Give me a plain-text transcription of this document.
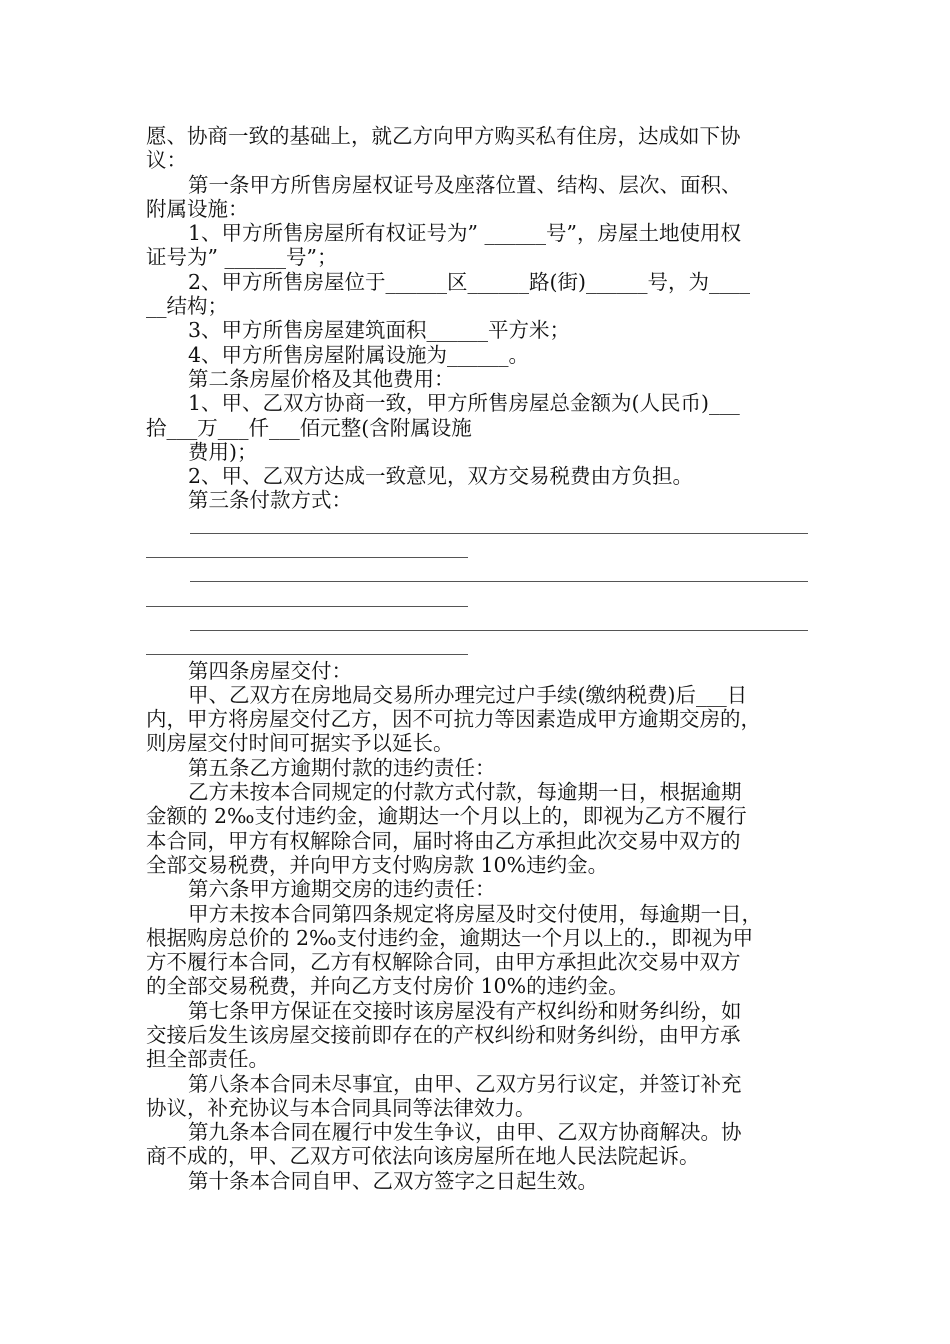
愿、协商一致的基础上，就乙方向甲方购买私有住房，达成如下协
议：
第一条甲方所售房屋权证号及座落位置、结构、层次、面积、
附属设施：
1、甲方所售房屋所有权证号为” ______号”，房屋土地使用权
证号为” ______号”；
2、甲方所售房屋位于______区______路(街)______号，为____
__结构；
3、甲方所售房屋建筑面积______平方米；
4、甲方所售房屋附属设施为______。
第二条房屋价格及其他费用：
1、甲、乙双方协商一致，甲方所售房屋总金额为(人民币)___
拾___万___仟___佰元整(含附属设施
费用)；
2、甲、乙双方达成一致意见，双方交易税费由方负担。
第三条付款方式：
第四条房屋交付：
甲、乙双方在房地局交易所办理完过户手续(缴纳税费)后___日
内，甲方将房屋交付乙方，因不可抗力等因素造成甲方逾期交房的，
则房屋交付时间可据实予以延长。
第五条乙方逾期付款的违约责任：
乙方未按本合同规定的付款方式付款，每逾期一日，根据逾期
金额的 2‰支付违约金，逾期达一个月以上的，即视为乙方不履行
本合同，甲方有权解除合同，届时将由乙方承担此次交易中双方的
全部交易税费，并向甲方支付购房款 10%违约金。
第六条甲方逾期交房的违约责任：
甲方未按本合同第四条规定将房屋及时交付使用，每逾期一日，
根据购房总价的 2‰支付违约金，逾期达一个月以上的.，即视为甲
方不履行本合同，乙方有权解除合同，由甲方承担此次交易中双方
的全部交易税费，并向乙方支付房价 10%的违约金。
第七条甲方保证在交接时该房屋没有产权纠纷和财务纠纷，如
交接后发生该房屋交接前即存在的产权纠纷和财务纠纷，由甲方承
担全部责任。
第八条本合同未尽事宜，由甲、乙双方另行议定，并签订补充
协议，补充协议与本合同具同等法律效力。
第九条本合同在履行中发生争议，由甲、乙双方协商解决。协
商不成的，甲、乙双方可依法向该房屋所在地人民法院起诉。
第十条本合同自甲、乙双方签字之日起生效。
